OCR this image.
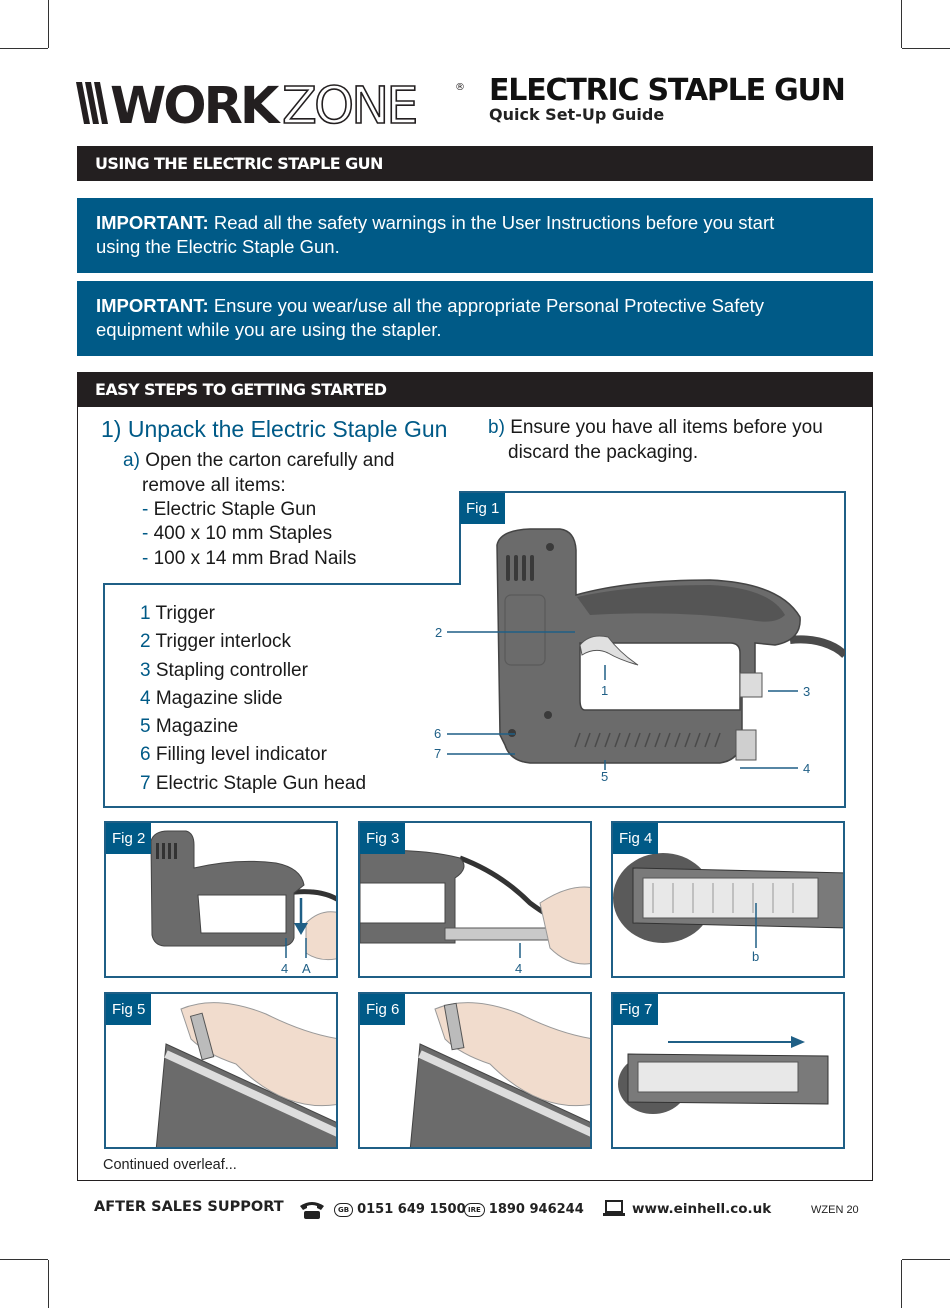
WORK ZONE	® ELECTRIC STAPLE GUN
Quick Set-Up Guide
USING THE ELECTRIC STAPLE GUN
IMPORTANT: Read all the safety warnings in the User Instructions before you start
using the Electric Staple Gun.
IMPORTANT: Ensure you wear/use all the appropriate Personal Protective Safety
equipment while you are using the stapler.
EASY STEPS TO GETTING STARTED
1) Unpack the Electric Staple Gun
a) Open the carton carefully and
remove all items:
- Electric Staple Gun
- 400 x 10 mm Staples
- 100 x 14 mm Brad Nails
b) Ensure you have all items before you
discard the packaging.
Fig 1
1
2
3
4
5
6
7
1 Trigger
2 Trigger interlock
3 Stapling controller
4 Magazine slide
5 Magazine
6 Filling level indicator
7 Electric Staple Gun head
Fig 2
4 A
Fig 3
4
Fig 4
b
Fig 5	Fig 6	Fig 7
Continued overleaf...
AFTER SALES SUPPORT	GB 0151 649 1500 IRE 1890 946244	www.einhell.co.uk	WZEN 20
